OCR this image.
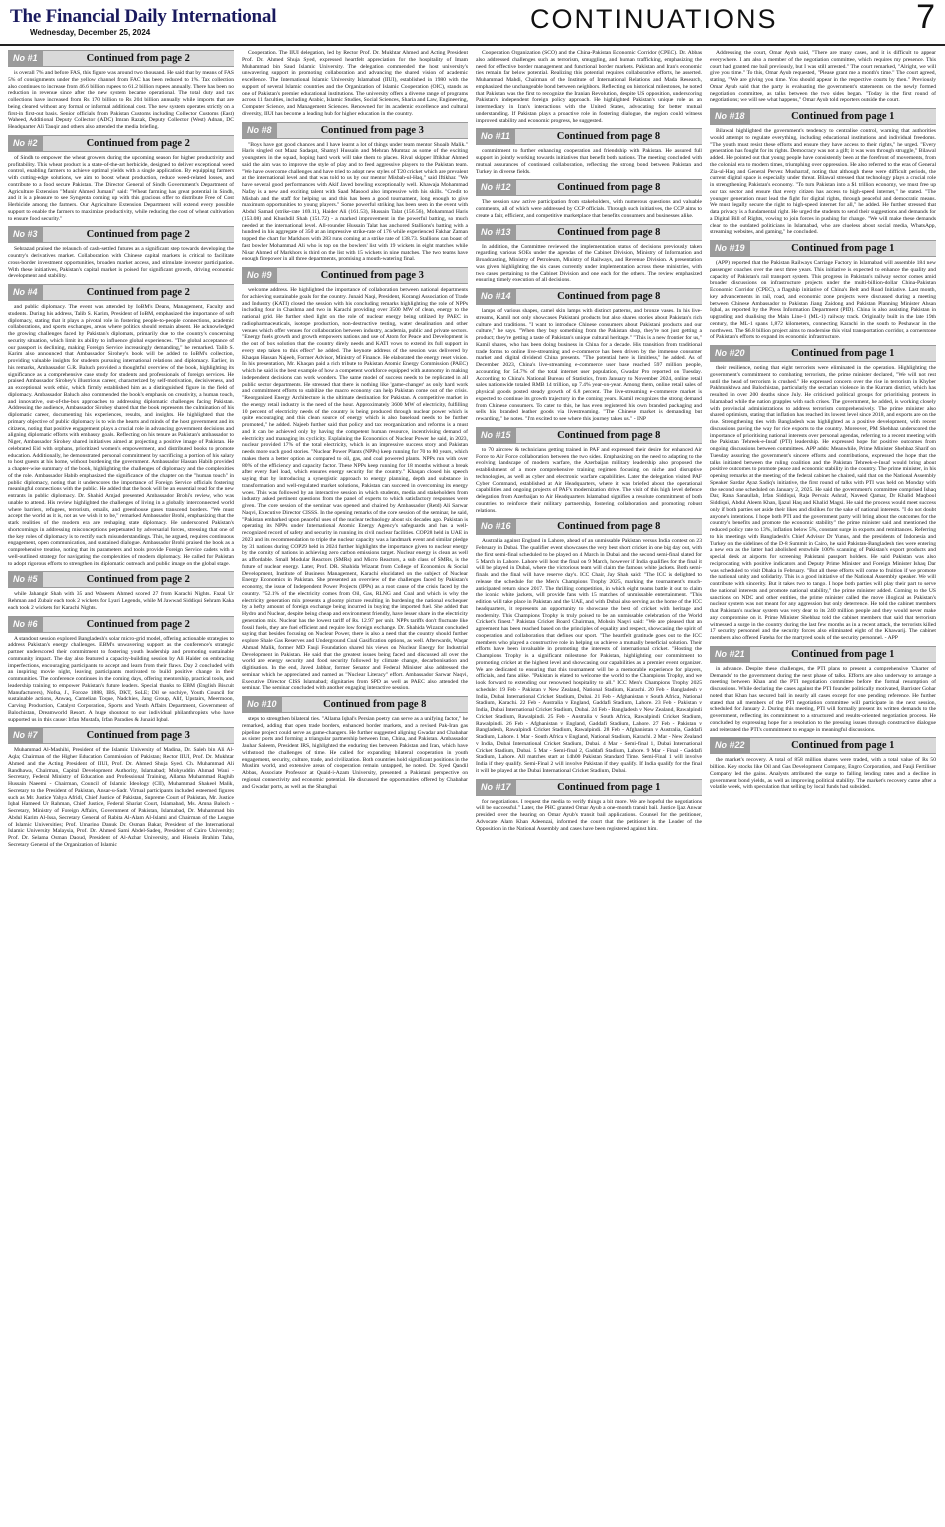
The Financial Daily International
Wednesday, December 25, 2024	CONTINUATIONS	7
No #1	Continued from page 2

is overall 7% and before FAS, this figure was around two thousand. He said that by means of FAS 5% of consignments under the yellow channel from FAC has been reduced to 1%. Tax collection also continues to increase from 46.6 billion rupees to 61.2 billion rupees annually. There has been no reduction in revenue since after the new system became operational. The total duty and tax collections have increased from Rs 170 billion to Rs 204 billion annually while imports that are being cleared without any formal or informal additional cost. The new system operates strictly on a first-in first-out basis. Senior officials from Pakistan Customs including Collector Customs (East) Waheed, Additional Deputy Collector (ADC) Imran Razak, Deputy Collector (West) Adnan, DC Headquarter Ali Tauqir and others also attended the media briefing.

No #2	Continued from page 2

of Sindh to empower the wheat growers during the upcoming season for higher productivity and profitability. This wheat product is a state-of-the-art herbicide, designed to deliver exceptional weed control, enabling farmers to achieve optimal yields with a single application. By equipping farmers with cutting-edge solutions, we aim to boost wheat production, reduce weed-related losses, and contribute to a food secure Pakistan. The Director General of Sindh Government's Department of Agriculture Extension "Munir Ahmed Jumani" said: "Wheat farming has great potential in Sindh, and it is a pleasure to see Syngenta coming up with this gracious offer to distribute Free of Cost Herbicide among the farmers. Our Agriculture Extension Department will extend every possible support to enable the farmers to maximize productivity, while reducing the cost of wheat cultivation to ensure food security."

No #3	Continued from page 2

Sehrazad praised the relaunch of cash-settled futures as a significant step towards developing the country's derivatives market. Collaboration with Chinese capital markets is critical to facilitate cross-border investment opportunities, broaden market access, and stimulate investor participation. With these initiatives, Pakistan's capital market is poised for significant growth, driving economic development and stability.

No #4	Continued from page 2

and public diplomacy. The event was attended by IoBM's Deans, Management, Faculty and students. During his address, Talib S. Karim, President of IoBM, emphasized the importance of soft diplomacy, stating that it plays a pivotal role in fostering people-to-people connections, academic collaborations, and sports exchanges, areas where politics should remain absent. He acknowledged the growing challenges faced by Pakistan's diplomats, primarily due to the country's concerning security situation, which limit its ability to influence global experiences. "The global acceptance of our passport is declining, making Foreign Service increasingly demanding," he remarked. Talib S. Karim also announced that Ambassador Sirohey's book will be added to IoBM's collection, providing valuable insights for students pursuing international relations and diplomacy. Earlier, in his remarks, Ambassador G.R. Baluch provided a thoughtful overview of the book, highlighting its significance as a comprehensive case study for students and professionals of foreign services. He praised Ambassador Sirohey's illustrious career, characterized by self-motivation, decisiveness, and an exceptional work ethic, which firmly established him as a distinguished figure in the field of diplomacy. Ambassador Baluch also commended the book's emphasis on creativity, a human touch, and innovative, out-of-the-box approaches to addressing diplomatic challenges facing Pakistan. Addressing the audience, Ambassador Sirohey shared that the book represents the culmination of his diplomatic career, documenting his experiences, results, and insights. He highlighted that the primary objective of public diplomacy is to win the hearts and minds of the host government and its citizens, noting that positive engagement plays a crucial role in advancing government decisions and aligning diplomatic efforts with embassy goals. Reflecting on his tenure as Pakistan's ambassador to Niger, Ambassador Sirohey shared initiatives aimed at projecting a positive image of Pakistan. He celebrated Eid with orphans, prioritized women's empowerment, and distributed books to promote education. Additionally, he demonstrated personal commitment by sacrificing a portion of his salary to host guests at his home, without burdening the government. Ambassador Hassan Habib provided a chapter-wise summary of the book, highlighting the challenges of diplomacy and the complexities of the role. Ambassador Habib emphasized the significance of the chapter on the "human touch" in public diplomacy, noting that it underscores the importance of Foreign Service officials fostering meaningful connections with the public. He added that the book will be an essential read for the new entrants in public diplomacy. Dr. Shahid Amjad presented Ambassador Brohi's review, who was unable to attend. His review highlighted the challenges of living in a globally interconnected world where barriers, refugees, terrorism, emails, and greenhouse gases transcend borders. "We must accept the world as it is, not as we wish it to be," remarked Ambassador Brohi, emphasizing that the stark realities of the modern era are reshaping state diplomacy. He underscored Pakistan's shortcomings in addressing misconceptions perpetuated by adversarial forces, stressing that one of the key roles of diplomacy is to rectify such misunderstandings. This, he argued, requires continuous engagement, open communication, and sustained dialogue. Ambassador Brohi praised the book as a comprehensive treatise, noting that its parameters and tools provide Foreign Service cadets with a well-outlined strategy for navigating the complexities of modern diplomacy. He called for Pakistan to adopt rigorous efforts to strengthen its diplomatic outreach and public image on the global stage.

No #5	Continued from page 2

while Jahangir Shah with 35 and Waseem Ahmed scored 27 from Karachi Nights. Fazal Ur Rehman and Zubair each took 2 wickets for Lyari Legends, while M Jawwad Siddiqui Sehram Kaka each took 2 wickets for Karachi Nights.

No #6	Continued from page 2

A standout session explored Bangladesh's solar micro-grid model, offering actionable strategies to address Pakistan's energy challenges. EBM's unwavering support as the conference's strategic partner underscored their commitment to fostering youth leadership and promoting sustainable community impact. The day also featured a capacity-building session by Ali Haider on embracing imperfections, encouraging participants to accept and learn from their flaws. Day 2 concluded with an inspiring movie night, leaving participants motivated to build positive change in their communities. The conference continues in the coming days, offering mentorship, practical tools, and leadership training to empower Pakistan's future leaders. Special thanks to EBM (English Biscuit Manufacturers), Nofsa, J., Foroze 1888, IBS, DKT, SoLE; Dil se sochiye, Youth Council for sustainable actions, Anwaq, Camelian Toque, Nadchies, Jang Group, Alif, Upstairs, Meermoon, Carving Production, Catalyst Corporation, Sports and Youth Affairs Department, Government of Balochistan, Dreamworld Resort. A huge shoutout to our individual philanthropists who have supported us in this cause: Irfan Mustafa, Irfan Paradies & Junaid Iqbal.

No #7	Continued from page 3

Muhammad Al-Mashihi, President of the Islamic University of Madina, Dr. Saleh bin Ali Al-Aqla; Chairman of the Higher Education Commission of Pakistan; Rector IIUI, Prof. Dr. Mukhtar Ahmed and the Acting President of IIUI, Prof. Dr. Ahmed Shuja Syed. Ch. Muhammad Ali Randhawa, Chairman, Capital Development Authority, Islamabad; Mohyuddin Ahmad Wani - Secretary, Federal Ministry of Education and Professional Training, Allama Muhammad Raghib Hussain Naeemi - Chairman, Council of Islamic Ideology (CII), Muhammad Shakeel Malik, Secretary to the President of Pakistan, Ansar-u-Sadr. Virtual participants included esteemed figures such as Mr. Justice Yahya Afridi, Chief Justice of Pakistan, Supreme Court of Pakistan, Mr. Justice Iqbal Hameed Ur Rahman, Chief Justice, Federal Shariat Court, Islamabad, Ms. Amna Baloch - Secretary, Ministry of Foreign Affairs, Government of Pakistan, Islamabad, Dr. Muhammad bin Abdul Karim Al-Issa, Secretary General of Rabita Al-Alam Al-Islami and Chairman of the League of Islamic Universities; Prof. Umarino Danuk Dr. Osman Bakar, President of the International Islamic University Malaysia, Prof. Dr. Ahmed Sami Abdel-Sadeq, President of Cairo University; Prof. Dr. Selama Osman Daoud, President of Al-Azhar University, and Hissein Brahim Taha, Secretary General of the Organization of Islamic

Cooperation. The IIUI delegation, led by Rector Prof. Dr. Mukhtar Ahmed and Acting President Prof. Dr. Ahmed Shuja Syed, expressed heartfelt appreciation for the hospitality of Imam Muhammad bin Saud Islamic University. The delegation commended the host university's unwavering support in promoting collaboration and advancing the shared vision of academic excellence. The International Islamic University Islamabad (IIUI), established in 1980 with the support of several Islamic countries and the Organization of Islamic Cooperation (OIC), stands as one of Pakistan's premier educational institutions. The university offers a diverse range of programs across 11 faculties, including Arabic, Islamic Studies, Social Sciences, Sharia and Law, Engineering, Computer Science, and Management Sciences. Renowned for its academic excellence and cultural diversity, IIUI has become a leading hub for higher education in the country.

No #8	Continued from page 3

"Boys have got good chances and I have learnt a lot of things under team mentor Shoaib Malik." Haris singled out Maaz Sadaqat, Shamyl Hussain and Mehran Mumtaz as some of the exciting youngsters in the squad, hoping hard work will take them to places. Rival skipper Iftikhar Ahmed said the aim was to improve the style of play and to feed aggressive players to the Pakistan team. "We have overcome challenges and have tried to adopt new styles of T20 cricket which are prevalent at the international level and that was told to us by our mentor Misbah-ul-Haq," said Iftikhar. "We have several good performances with Akif Javed bowling exceptionally well. Khawaja Mohammad Nafay is a new and exciting talent with Saad Masood also impressive with his skills. "Credit to Misbah and the staff for helping us and this has been a good tournament, long enough to give maximum opportunities to young players." Some powerful striking has been seen in the event with Abdul Samad (strike-rate 169.11), Haider Ali (161.53), Hussain Talat (156.56), Mohammad Haris (153.08) and Khushdil Shah (151.72) - a marked improvement in the powerful batting, so much needed at the international level. All-rounder Hussain Talat has anchored Stallions's batting with a hundred in his aggregate of 350 at an impressive strike-rate of 176 while experienced Fakhar Zaman topped the chart for Markhors with 283 runs coming at a strike rate of 138.73. Stallions can boast of fast bowler Mohammad Ali who is top on the bowlers' list with 19 wickets in eight matches while Nisar Ahmed of Markhors is third on the list with 15 wickets in nine matches. The two teams have enough firepower in all three departments, promising a mouth-watering final.

No #9	Continued from page 3

welcome address. He highlighted the importance of collaboration between national departments for achieving sustainable goals for the country. Junaid Naqi, President, Korangi Association of Trade and Industry (KATI) closed the session with his concluding remarks highlighting the role of NPPs including four in Chashma and two in Karachi providing over 3500 MW of clean, energy to the national grid. He further shed light on the role of nuclear energy being utilized by PAEC in radiopharmaceuticals, isotope production, non-destructive testing, water desalination and other venues which offer venues for collaboration between industry, academia, public and private sectors. "Energy fuels growth and growth empowers nations and use of Atom for Peace and Development is the out of box solution that the country direly needs and KATI vows to extend its full support in every step taken to this effect" he added. The keynote address of the session was delivered by Khaqan Hassan Najeeb, Former Advisor, Ministry of Finance. He elaborated the energy reset vision. In his presentation, Mr. Khaqan paid a rich tribute to Pakistan Atomic Energy Commission (PAEC) which he said is the best example of how a competent workforce equipped with autonomy in making independent decisions can work wonders. The same model of success needs to be replicated in all public sector departments. He stressed that there is nothing like 'game-changer' as only hard work and commitment efforts to stabilize the macro economy can help Pakistan come out of the crisis. "Reorganized Energy Architecture is the ultimate destination for Pakistan. A competitive market in the energy retail industry is the need of the hour. Approximately 3600 MW of electricity, fulfilling 10 percent of electricity needs of the country is being produced through nuclear power which is quite encouraging and this clean source of energy which is also baseload needs to be further promoted," he added. Najeeb further said that policy and tax reorganization and reforms is a must and it can be achieved only by having the competent human resource, incentivising demand of electricity and managing its cyclicity. Explaining the Economics of Nuclear Power he said, in 2023, nuclear provided 17% of the total electricity, which is an impressive success story and Pakistan needs more such good stories. "Nuclear Power Plants (NPPs) keep running for 70 to 80 years, which makes them a better option as compared to oil, gas, and coal powered plants. NPPs run with over 80% of the efficiency and capacity factor. These NPPs keep running for 18 months without a break after every fuel load, which ensures energy security for the country." Khaqan closed his speech saying that by introducing a synergistic approach to energy planning, depth and substance in transformation and well-regulated market solutions, Pakistan can succeed in overcoming its energy woes. This was followed by an interactive session in which students, media and stakeholders from industry asked pertinent questions from the panel of experts to which satisfactory responses were given. The core session of the seminar was opened and chaired by Ambassador (Retd) Ali Sarwar Naqvi, Executive Director CISSS. In the opening remarks of the core session of the seminar, he said, "Pakistan embarked upon peaceful uses of the nuclear technology about six decades ago. Pakistan is operating its NPPs under International Atomic Energy Agency's safeguards and has a well-recognized record of safety and security in running its civil nuclear facilities. COP28 held in UAE in 2023 and its recommendation to triple the nuclear capacity was a landmark event and similar pledge by 31 nations during COP29 held in 2024 further highlights the importance given to nuclear energy by the comity of nations in achieving zero carbon emissions target. Nuclear energy is clean as well as affordable. Small Modular Reactors (SMRs) and Micro Reactors, a sub class of SMRs, is the future of nuclear energy. Later, Prof. DR. Shahida Wizarat from College of Economics & Social Development, Institute of Business Management, Karachi elucidated on the subject of Nuclear Energy Economics in Pakistan. She presented an overview of the challenges faced by Pakistan's economy, the issue of Independent Power Projects (IPPs) as a root cause of the crisis faced by the country. "52.1% of the electricity comes from Oil, Gas, RLNG and Coal and which is why the electricity generation mix presents a gloomy picture resulting in burdening the national exchequer by a hefty amount of foreign exchange being incurred in buying the imported fuel. She added that Hydro and Nuclear, despite being cheap and environment friendly, have lesser share in the electricity generation mix. Nuclear has the lowest tariff of Rs. 12.97 per unit. NPPs tariffs don't fluctuate like fossil fuels, they are fuel efficient and require low foreign exchange. Dr. Shahida Wizarat concluded saying that besides focusing on Nuclear Power, there is also a need that the country should further explore Shale Gas Reserves and Underground Coal Gasification options, as well. Afterwards, Waqar Ahmad Malik, former MD Fauji Foundation shared his views on Nuclear Energy for Industrial Development in Pakistan. He said that the greatest issues being faced and discussed all over the world are energy security and food security followed by climate change, decarbonisation and digitisation. In the end, Javed Jabbar, former Senator and Federal Minister also addressed the seminar which he appreciated and named as "Nuclear Literacy" effort. Ambassador Sarwar Naqvi, Executive Director CISS Islamabad; dignitaries from SPD as well as PAEC also attended the seminar. The seminar concluded with another engaging interactive session.

No #10	Continued from page 8

steps to strengthen bilateral ties. "Allama Iqbal's Persian poetry can serve as a unifying factor," he remarked, adding that open trade borders, enhanced border markets, and a revised Pak-Iran gas pipeline project could serve as game-changers. He further suggested aligning Gwadar and Chabahar as sister ports and forming a triangular partnership between Iran, China, and Pakistan. Ambassador Jauhar Saleem, President IRS, highlighted the enduring ties between Pakistan and Iran, which have withstood the challenges of time. He called for expanding bilateral cooperation in youth engagement, security, culture, trade, and civilization. Both countries hold significant positions in the Muslim world, and extensive areas of cooperation remain untapped, he noted. Dr. Syed Qandil Abbas, Associate Professor at Quaid-i-Azam University, presented a Pakistani perspective on regional connectivity and economic potential. He discussed the opportunities offered by Chabahar and Gwadar ports, as well as the Shanghai

Cooperation Organization (SCO) and the China-Pakistan Economic Corridor (CPEC). Dr. Abbas also addressed challenges such as terrorism, smuggling, and human trafficking, emphasizing the need for effective border management and functional border markets. Pakistan and Iran's economic ties remain far below potential. Realizing this potential requires collaborative efforts, he asserted. Muhammad Mahdi, Chairman of the Institute of International Relations and Mada Research, emphasized the unchangeable bond between neighbors. Reflecting on historical milestones, he noted that Pakistan was the first to recognize the Iranian Revolution, despite US opposition, underscoring Pakistan's independent foreign policy approach. He highlighted Pakistan's unique role as an intermediary in Iran's interactions with the United States, advocating for better mutual understanding. If Pakistan plays a proactive role in fostering dialogue, the region could witness improved stability and economic progress, he suggested.

No #11	Continued from page 8

commitment to further enhancing cooperation and friendship with Pakistan. He assured full support in jointly working towards initiatives that benefit both nations. The meeting concluded with mutual assurances of continued collaboration, reflecting the strong bond between Pakistan and Turkey in diverse fields.

No #12	Continued from page 8

The session saw active participation from stakeholders, with numerous questions and valuable comments, all of which were addressed by CCP officials. Through such initiatives, the CCP aims to create a fair, efficient, and competitive marketplace that benefits consumers and businesses alike.

No #13	Continued from page 8

In addition, the Committee reviewed the implementation status of decisions previously taken regarding various SOEs under the agendas of the Cabinet Division, Ministry of Information and Broadcasting, Ministry of Petroleum, Ministry of Railways, and Revenue Division. A presentation was given highlighting the six cases currently under implementation across these ministries, with two cases pertaining to the Cabinet Division and one each for the others. The review emphasized ensuring timely execution of all decisions.

No #14	Continued from page 8

lamps of various shapes, camel skin lamps with distinct patterns, and bronze vases. In his live-streams, Kamil not only showcases Pakistani products but also shares stories about Pakistan's rich culture and traditions. "I want to introduce Chinese consumers about Pakistani products and our culture," he says. "When they buy something from the Pakistan shop, they're not just getting a product; they're getting a taste of Pakistan's unique cultural heritage." "This is a new frontier for us," Kamil shares, who has been doing business in China for a decade. His transition from traditional trade forms to online live-streaming and e-commerce has been driven by the immense consumer market and digital dividend China presents. "The potential here is limitless," he added. As of December 2023, China's live-streaming e-commerce user base reached 597 million people, accounting for 54.7% of the total internet user population, Gwadar Pro reported on Tuesday. According to China's National Bureau of Statistics, from January to November 2024, online retail sales nationwide totaled RMB 14 trillion, up 7.4% year-on-year. Among them, online retail sales of physical goods posted steady growth of 6.8 percent. The live-streaming e-commerce market is expected to continue its growth trajectory in the coming years. Kamil recognizes the strong demand from Chinese consumers. To cater to this, he has even registered his own branded packaging and sells his branded leather goods via livestreaming. "The Chinese market is demanding but rewarding," he notes. "I'm excited to see where this journey takes us." - INP

No #15	Continued from page 8

to 70 aircrew & technicians getting trained in PAF and expressed their desire for enhanced Air Force to Air Force collaboration between the two sides. Emphasizing on the need to adapting to the evolving landscape of modern warfare, the Azerbaijan military leadership also proposed the establishment of a more comprehensive training regimen focusing on niche and disruptive technologies, as well as cyber and electronic warfare capabilities. Later the delegation visited PAF Cyber Command, established at Air Headquarters, where it was briefed about the operational capabilities and ongoing projects of PAF's modernization drive. The visit of this high level defence delegation from Azerbaijan to Air Headquarters Islamabad signifies a resolute commitment of both countries to reinforce their military partnership, fostering collaboration and promoting robust relations.

No #16	Continued from page 8

Australia against England in Lahore, ahead of an unmissable Pakistan versus India contest on 23 February in Dubai. The qualifier event showcases the very best short cricket in one big day out, with the first semi-final scheduled to be played on 4 March in Dubai and the second semi-final slated for 5 March in Lahore. Lahore will host the final on 9 March, however if India qualifies for the final it will be played in Dubai, where the victorious team will claim the famous white jackets. Both semi-finals and the final will have reserve day's. ICC Chair, Jay Shah said: "The ICC is delighted to release the schedule for the Men's Champions Trophy 2025, marking the tournament's much-anticipated return since 2017. The thrilling competition, in which eight teams battle it out to claim the iconic white jackets, will provide fans with 15 matches of unmissable entertainment. "This edition will take place in Pakistan and the UAE, and with Dubai also serving as the home of the ICC headquarters, it represents an opportunity to showcase the best of cricket with heritage and modernity. This Champions Trophy is truly poised to be an unmissable celebration of the World Cricket's finest." Pakistan Cricket Board Chairman, Mohsin Naqvi said: "We are pleased that an agreement has been reached based on the principles of equality and respect, showcasing the spirit of cooperation and collaboration that defines our sport. "The heartfelt gratitude goes out to the ICC members who played a constructive role in helping us achieve a mutually beneficial solution. Their efforts have been invaluable in promoting the interests of international cricket. "Hosting the Champions Trophy is a significant milestone for Pakistan, highlighting our commitment to promoting cricket at the highest level and showcasing our capabilities as a premier event organizer. We are dedicated to ensuring that this tournament will be a memorable experience for players, officials, and fans alike. "Pakistan is elated to welcome the world to the Champions Trophy, and we look forward to extending our renowned hospitality to all." ICC Men's Champions Trophy 2025 schedule: 19 Feb - Pakistan v New Zealand, National Stadium, Karachi. 20 Feb - Bangladesh v India, Dubai International Cricket Stadium, Dubai. 21 Feb - Afghanistan v South Africa, National Stadium, Karachi. 22 Feb - Australia v England, Gaddafi Stadium, Lahore. 23 Feb - Pakistan v India, Dubai International Cricket Stadium, Dubai. 24 Feb - Bangladesh v New Zealand, Rawalpindi Cricket Stadium, Rawalpindi. 25 Feb - Australia v South Africa, Rawalpindi Cricket Stadium, Rawalpindi. 26 Feb - Afghanistan v England, Gaddafi Stadium, Lahore. 27 Feb - Pakistan v Bangladesh, Rawalpindi Cricket Stadium, Rawalpindi. 28 Feb - Afghanistan v Australia, Gaddafi Stadium, Lahore. 1 Mar - South Africa v England, National Stadium, Karachi. 2 Mar - New Zealand v India, Dubai International Cricket Stadium, Dubai. 4 Mar - Semi-final 1, Dubai International Cricket Stadium, Dubai. 5 Mar - Semi-final 2, Gaddafi Stadium, Lahore. 9 Mar - Final - Gaddafi Stadium, Lahore. All matches start at 14h00 Pakistan Standard Time. Semi-Final 1 will involve India if they qualify. Semi-Final 2 will involve Pakistan if they qualify. If India qualify for the final it will be played at the Dubai International Cricket Stadium, Dubai.

No #17	Continued from page 1

for negotiations. I request the media to verify things a bit more. We are hopeful the negotiations will be successful." Later, the PHC granted Omar Ayub a one-month transit bail. Justice Ijaz Anwar presided over the hearing on Omar Ayub's transit bail applications. Counsel for the petitioner, Advocate Alam Khan Adeenzai, informed the court that the petitioner is the Leader of the Opposition in the National Assembly and cases have been registered against him.

Addressing the court, Omar Ayub said, "There are many cases, and it is difficult to appear everywhere. I am also a member of the negotiation committee, which requires my presence. This court had granted me bail previously, but I was still arrested." The court remarked, "Alright, we will give you time." To this, Omar Ayub requested, "Please grant me a month's time." The court agreed, stating, "We are giving you time. You should appear in the respective courts by then." Previously Omar Ayub said that the party is evaluating the government's statements on the newly formed negotiation committee, as talks between the two sides began. "Today is the first round of negotiations; we will see what happens," Omar Ayub told reporters outside the court.

No #18	Continued from page 1

Bilawal highlighted the government's tendency to centralise control, warning that authorities would attempt to regulate everything, including educational institutions and individual freedoms. "The youth must resist these efforts and ensure they have access to their rights," he urged. "Every generation has fought for its rights. Democracy was not a gift; it was won through struggle," Bilawal added. He pointed out that young people have consistently been at the forefront of movements, from the colonial era to modern times, triumphing over oppression. He also referred to the eras of General Zia-ul-Haq and General Pervez Musharraf, noting that although these were difficult periods, the current digital space is especially under threat. Bilawal stressed that technology plays a crucial role in strengthening Pakistan's economy. "To turn Pakistan into a $1 trillion economy, we must free up our tax sector and ensure that every citizen has access to high-speed internet," he stated. "The younger generation must lead the fight for digital rights, through peaceful and democratic means. We must legally secure the right to high-speed internet for all," he added. He further stressed that data privacy is a fundamental right. He urged the students to send their suggestions and demands for a Digital Bill of Rights, vowing to join forces in pushing for change. "We will make these demands clear to the outdated politicians in Islamabad, who are clueless about social media, WhatsApp, streaming websites, and gaming," he concluded.

No #19	Continued from page 1

(APP) reported that the Pakistan Railways Carriage Factory in Islamabad will assemble 184 new passenger coaches over the next three years. This initiative is expected to enhance the quality and capacity of Pakistan's rail transport system. This progress in Pakistan's railway sector comes amid broader discussions on infrastructure projects under the multi-billion-dollar China-Pakistan Economic Corridor (CPEC), a flagship initiative of China's Belt and Road Initiative. Last month, key advancements in rail, road, and economic zone projects were discussed during a meeting between Chinese Ambassador to Pakistan Jiang Zaidong and Pakistan Planning Minister Ahsan Iqbal, as reported by the Press Information Department (PID). China is also assisting Pakistan in upgrading and dualising the Main Line-1 (ML-1) railway track. Originally built in the late 19th century, the ML-1 spans 1,872 kilometers, connecting Karachi in the south to Peshawar in the northwest. The $6.8 billion project aims to modernise this vital transportation corridor, a cornerstone of Pakistan's efforts to expand its economic infrastructure.

No #20	Continued from page 1

their resilience, noting that eight terrorists were eliminated in the operation. Highlighting the government's commitment to combating terrorism, the prime minister declared, "We will not rest until the head of terrorism is crushed." He expressed concern over the rise in terrorism in Khyber Pakhtunkhwa and Balochistan, particularly the sectarian violence in the Kurram district, which has resulted in over 200 deaths since July. He criticised political groups for prioritising protests in Islamabad while the nation grapples with such crises. The government, he added, is working closely with provincial administrations to address terrorism comprehensively. The prime minister also shared optimism, stating that inflation has reached its lowest level since 2018, and exports are on the rise. Strengthening ties with Bangladesh was highlighted as a positive development, with recent discussions paving the way for rice exports to the country. Moreover, PM Shehbaz underscored the importance of prioritising national interests over personal agendas, referring to a recent meeting with the Pakistan Tehreek-e-Insaf (PTI) leadership. He expressed hope for positive outcomes from ongoing discussions between committees. APP adds: Meanwhile, Prime Minister Shehbaz Sharif on Tuesday assuring the government's sincere efforts and contributions, expressed the hope that the talks initiated between the ruling coalition and the Pakistan Tehreek-e-Insaf would bring about positive outcomes to promote peace and economic stability in the country. The prime minister, in his opening remarks at the meeting of the federal cabinet he chaired, said that on the National Assembly Speaker Sardar Ayaz Sadiq's initiative, the first round of talks with PTI was held on Monday with the second one scheduled on January 2, 2025. He said the government's committee comprised Ishaq Dar, Rana Sanaullah, Irfan Siddiqui, Raja Pervaiz Ashraf, Naveed Qamar, Dr Khalid Maqbool Siddiqui, Abdul Aleem Khan, Ijazul Haq and Khalid Magsi. He said the process would meet success only if both parties set aside their likes and dislikes for the sake of national interests. "I do not doubt anyone's intentions. I hope both PTI and the government party will bring about the outcomes for the country's benefits and promote the economic stability" the prime minister said and mentioned the reduced policy rate to 13%, inflation below 5%, constant surge in exports and remittances. Referring to his meetings with Bangladesh's Chief Advisor Dr Yunus, and the presidents of Indonesia and Turkey on the sidelines of the D-8 Summit in Cairo, he said Pakistan-Bangladesh ties were entering a new era as the latter had abolished erstwhile 100% scanning of Pakistan's export products and special desk at airports for screening Pakistani passport holders. He said Pakistan was also reciprocating with positive indicators and Deputy Prime Minister and Foreign Minister Ishaq Dar was scheduled to visit Dhaka in February. "But all these efforts will come to fruition if we promote the national unity and solidarity. This is a good initiative of the National Assembly speaker. We will contribute with sincerity. But it takes two to tango. I hope both parties will play their part to serve the national interests and promote national stability," the prime minister added. Coming to the US sanctions on NDC and other entities, the prime minister called the move illogical as Pakistan's nuclear system was not meant for any aggression but only deterrence. He told the cabinet members that Pakistan's nuclear system was very dear to its 240 million people and they would never make any compromise on it. Prime Minister Shehbaz told the cabinet members that said that terrorism witnessed a surge in the country during the last few months as in a recent attack, the terrorists killed 17 security personnel and the security forces also eliminated eight of the Khawarij. The cabinet members also offered Fateha for the martyred souls of the security personnel. - APP

No #21	Continued from page 1

in advance. Despite these challenges, the PTI plans to present a comprehensive 'Charter of Demands' to the government during the next phase of talks. Efforts are also underway to arrange a meeting between Khan and the PTI negotiation committee before the formal resumption of discussions. While declaring the cases against the PTI founder politically motivated, Barrister Gohar noted that Khan has secured bail in nearly all cases except for one pending reference. He further stated that all members of the PTI negotiation committee will participate in the next session, scheduled for January 2. During this meeting, PTI will formally present its written demands to the government, reflecting its commitment to a structured and results-oriented negotiation process. He concluded by expressing hope for a resolution to the pressing issues through constructive dialogue and reiterated the PTI's commitment to engage in meaningful discussions.

No #22	Continued from page 1

the market's recovery. A total of 858 million shares were traded, with a total value of Rs 50 billion. Key stocks like Oil and Gas Development Company, Engro Corporation, and Fauji Fertiliser Company led the gains. Analysts attributed the surge to falling lending rates and a decline in government bond yields, as well as improving political stability. The market's recovery came after a volatile week, with speculation that selling by local funds had subsided.
